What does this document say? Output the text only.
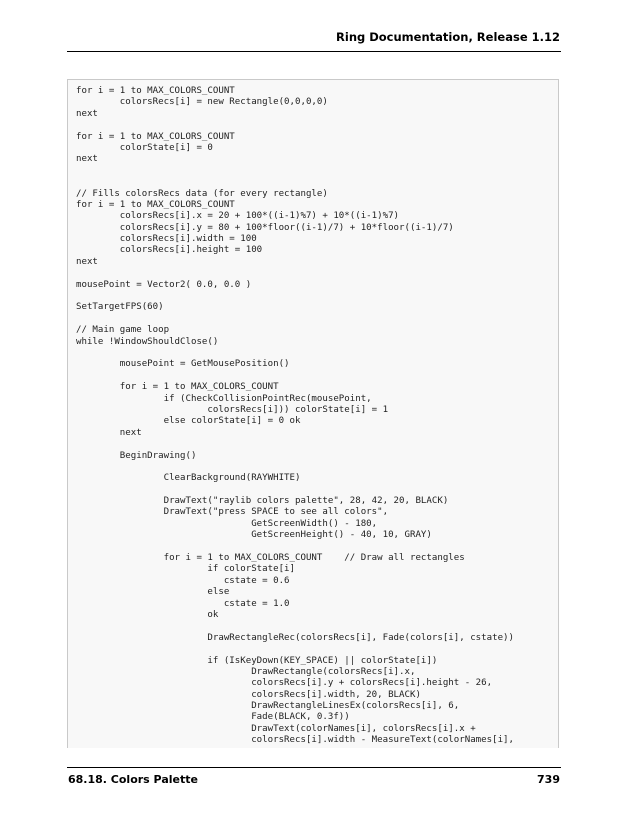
Ring Documentation, Release 1.12
for i = 1 to MAX_COLORS_COUNT
colorsRecs[i] = new Rectangle(0,0,0,0)
next
for i = 1 to MAX_COLORS_COUNT
colorState[i] = 0
next
// Fills colorsRecs data (for every rectangle)
for i = 1 to MAX_COLORS_COUNT
colorsRecs[i].x = 20 + 100*((i-1)%7) + 10*((i-1)%7)
colorsRecs[i].y = 80 + 100*floor((i-1)/7) + 10*floor((i-1)/7)
colorsRecs[i].width = 100
colorsRecs[i].height = 100
next
mousePoint = Vector2( 0.0, 0.0 )
SetTargetFPS(60)
// Main game loop
while !WindowShouldClose()
mousePoint = GetMousePosition()
for i = 1 to MAX_COLORS_COUNT
if (CheckCollisionPointRec(mousePoint,
colorsRecs[i])) colorState[i] = 1
else colorState[i] = 0 ok
next
BeginDrawing()
ClearBackground(RAYWHITE)
DrawText("raylib colors palette", 28, 42, 20, BLACK)
DrawText("press SPACE to see all colors",
GetScreenWidth() - 180,
GetScreenHeight() - 40, 10, GRAY)
for i = 1 to MAX_COLORS_COUNT    // Draw all rectangles
if colorState[i]
cstate = 0.6
else
cstate = 1.0
ok
DrawRectangleRec(colorsRecs[i], Fade(colors[i], cstate))
if (IsKeyDown(KEY_SPACE) || colorState[i])
DrawRectangle(colorsRecs[i].x,
colorsRecs[i].y + colorsRecs[i].height - 26,
colorsRecs[i].width, 20, BLACK)
DrawRectangleLinesEx(colorsRecs[i], 6,
Fade(BLACK, 0.3f))
DrawText(colorNames[i], colorsRecs[i].x +
colorsRecs[i].width - MeasureText(colorNames[i],
68.18. Colors Palette	739
